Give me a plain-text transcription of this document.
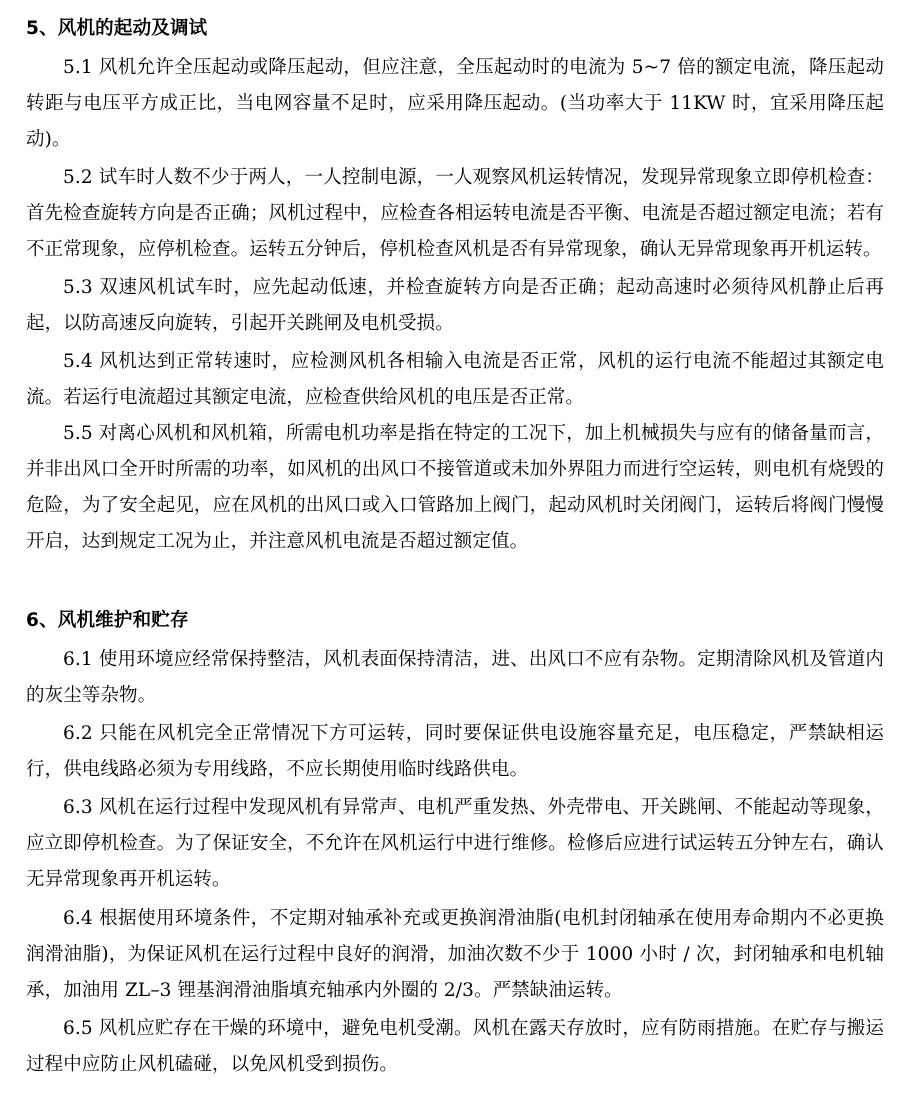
5、风机的起动及调试

5.1 风机允许全压起动或降压起动，但应注意，全压起动时的电流为 5~7 倍的额定电流，降压起动转距与电压平方成正比，当电网容量不足时，应采用降压起动。(当功率大于 11KW 时，宜采用降压起动)。

5.2 试车时人数不少于两人，一人控制电源，一人观察风机运转情况，发现异常现象立即停机检查：首先检查旋转方向是否正确；风机过程中，应检查各相运转电流是否平衡、电流是否超过额定电流；若有不正常现象，应停机检查。运转五分钟后，停机检查风机是否有异常现象，确认无异常现象再开机运转。

5.3 双速风机试车时，应先起动低速，并检查旋转方向是否正确；起动高速时必须待风机静止后再起，以防高速反向旋转，引起开关跳闸及电机受损。

5.4 风机达到正常转速时，应检测风机各相输入电流是否正常，风机的运行电流不能超过其额定电流。若运行电流超过其额定电流，应检查供给风机的电压是否正常。

5.5 对离心风机和风机箱，所需电机功率是指在特定的工况下，加上机械损失与应有的储备量而言，并非出风口全开时所需的功率，如风机的出风口不接管道或未加外界阻力而进行空运转，则电机有烧毁的危险，为了安全起见，应在风机的出风口或入口管路加上阀门，起动风机时关闭阀门，运转后将阀门慢慢开启，达到规定工况为止，并注意风机电流是否超过额定值。

6、风机维护和贮存

6.1 使用环境应经常保持整洁，风机表面保持清洁，进、出风口不应有杂物。定期清除风机及管道内的灰尘等杂物。

6.2 只能在风机完全正常情况下方可运转，同时要保证供电设施容量充足，电压稳定，严禁缺相运行，供电线路必须为专用线路，不应长期使用临时线路供电。

6.3 风机在运行过程中发现风机有异常声、电机严重发热、外壳带电、开关跳闸、不能起动等现象，应立即停机检查。为了保证安全，不允许在风机运行中进行维修。检修后应进行试运转五分钟左右，确认无异常现象再开机运转。

6.4 根据使用环境条件，不定期对轴承补充或更换润滑油脂(电机封闭轴承在使用寿命期内不必更换润滑油脂)，为保证风机在运行过程中良好的润滑，加油次数不少于 1000 小时 / 次，封闭轴承和电机轴承，加油用 ZL–3 锂基润滑油脂填充轴承内外圈的 2/3。严禁缺油运转。

6.5 风机应贮存在干燥的环境中，避免电机受潮。风机在露天存放时，应有防雨措施。在贮存与搬运过程中应防止风机磕碰，以免风机受到损伤。
